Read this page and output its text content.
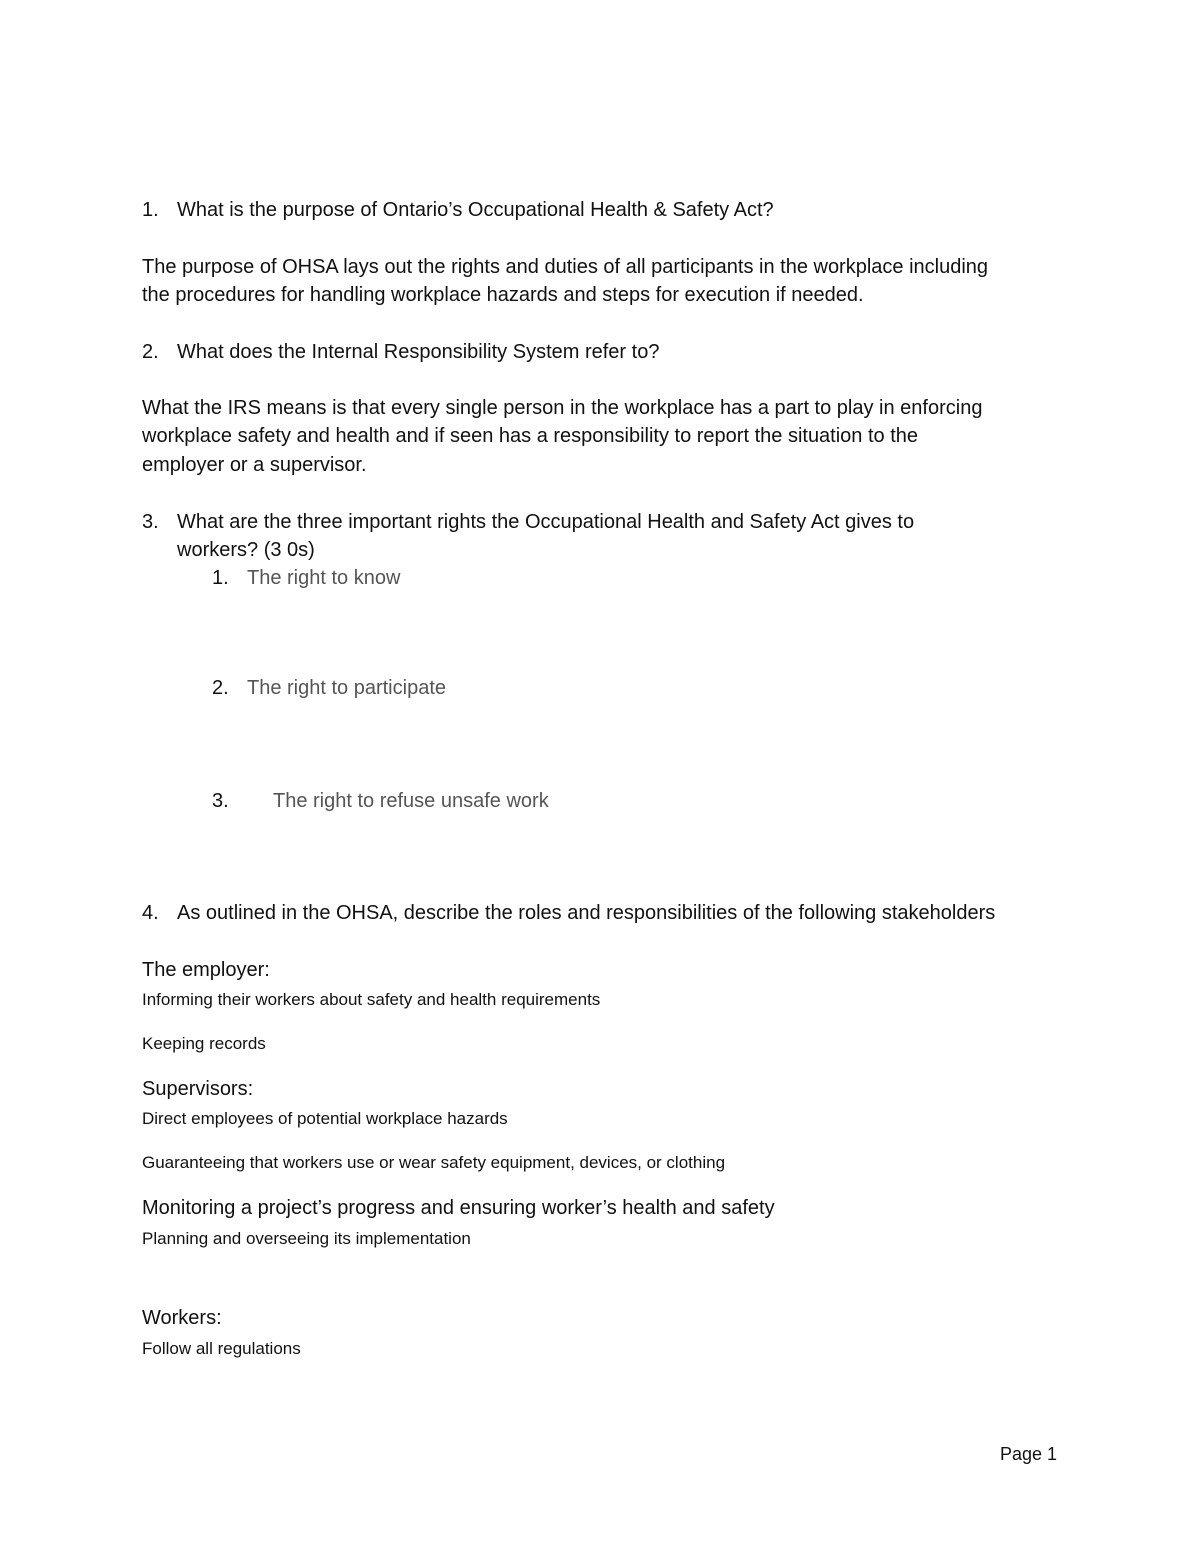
1. What is the purpose of Ontario’s Occupational Health & Safety Act?
The purpose of OHSA lays out the rights and duties of all participants in the workplace including
the procedures for handling workplace hazards and steps for execution if needed.
2. What does the Internal Responsibility System refer to?
What the IRS means is that every single person in the workplace has a part to play in enforcing
workplace safety and health and if seen has a responsibility to report the situation to the
employer or a supervisor.
3. What are the three important rights the Occupational Health and Safety Act gives to
workers? (3 0s)
1. The right to know
2. The right to participate
3. The right to refuse unsafe work
4. As outlined in the OHSA, describe the roles and responsibilities of the following stakeholders
The employer:
Informing their workers about safety and health requirements
Keeping records
Supervisors:
Direct employees of potential workplace hazards
Guaranteeing that workers use or wear safety equipment, devices, or clothing
Monitoring a project’s progress and ensuring worker’s health and safety
Planning and overseeing its implementation
Workers:
Follow all regulations
Page 1
